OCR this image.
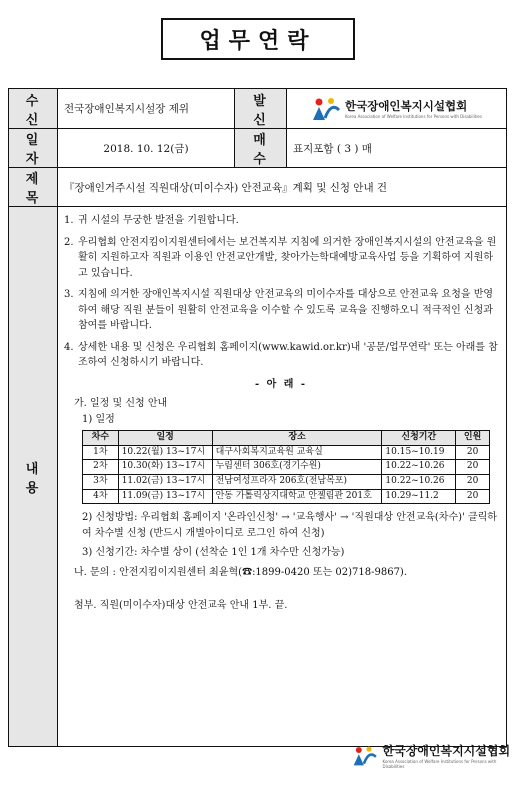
업무연락
수 신	전국장애인복지시설장 제위	발 신	
한국장애인복지시설협회
Korea Association of Welfare Institutions for Persons with Disabilities

일 자	2018. 10. 12(금)	매 수	표지포함 ( 3 ) 매
제 목	『장애인거주시설 직원대상(미이수자) 안전교육』계획 및 신청 안내 건
내 용	
1. 귀 시설의 무궁한 발전을 기원합니다.
2. 우리협회 안전지킴이지원센터에서는 보건복지부 지침에 의거한 장애인복지시설의 안전교육을 원활히 지원하고자 직원과 이용인 안전교안개발, 찾아가는학대예방교육사업 등을 기획하여 지원하고 있습니다.
3. 지침에 의거한 장애인복지시설 직원대상 안전교육의 미이수자를 대상으로 안전교육 요청을 반영하여 해당 직원 분들이 원활히 안전교육을 이수할 수 있도록 교육을 진행하오니 적극적인 신청과 참여를 바랍니다.
4. 상세한 내용 및 신청은 우리협회 홈페이지(www.kawid.or.kr)내 '공문/업무연락' 또는 아래를 참조하여 신청하시기 바랍니다.
- 아 래 -
가. 일정 및 신청 안내
1) 일정
차수	일정	장소	신청기간	인원
1차	10.22(월) 13~17시	대구사회복지교육원 교육실	10.15~10.19	20
2차	10.30(화) 13~17시	누림센터 306호(경기수원)	10.22~10.26	20
3차	11.02(금) 13~17시	전남여성프라자 206호(전남목포)	10.22~10.26	20
4차	11.09(금) 13~17시	안동 가톨릭상지대학교 안젤림관 201호	10.29~11.2	20
2) 신청방법: 우리협회 홈페이지 '온라인신청' → '교육행사' → '직원대상 안전교육(차수)' 클릭하여 차수별 신청 (반드시 개별아이디로 로그인 하여 신청)
3) 신청기간: 차수별 상이 (선착순 1인 1개 차수만 신청가능)
나. 문의 : 안전지킴이지원센터 최윤혁(☎:1899-0420 또는 02)718-9867).
첨부. 직원(미이수자)대상 안전교육 안내 1부. 끝.
한국장애인복지시설협회
Korea Association of Welfare Institutions for Persons with Disabilities
